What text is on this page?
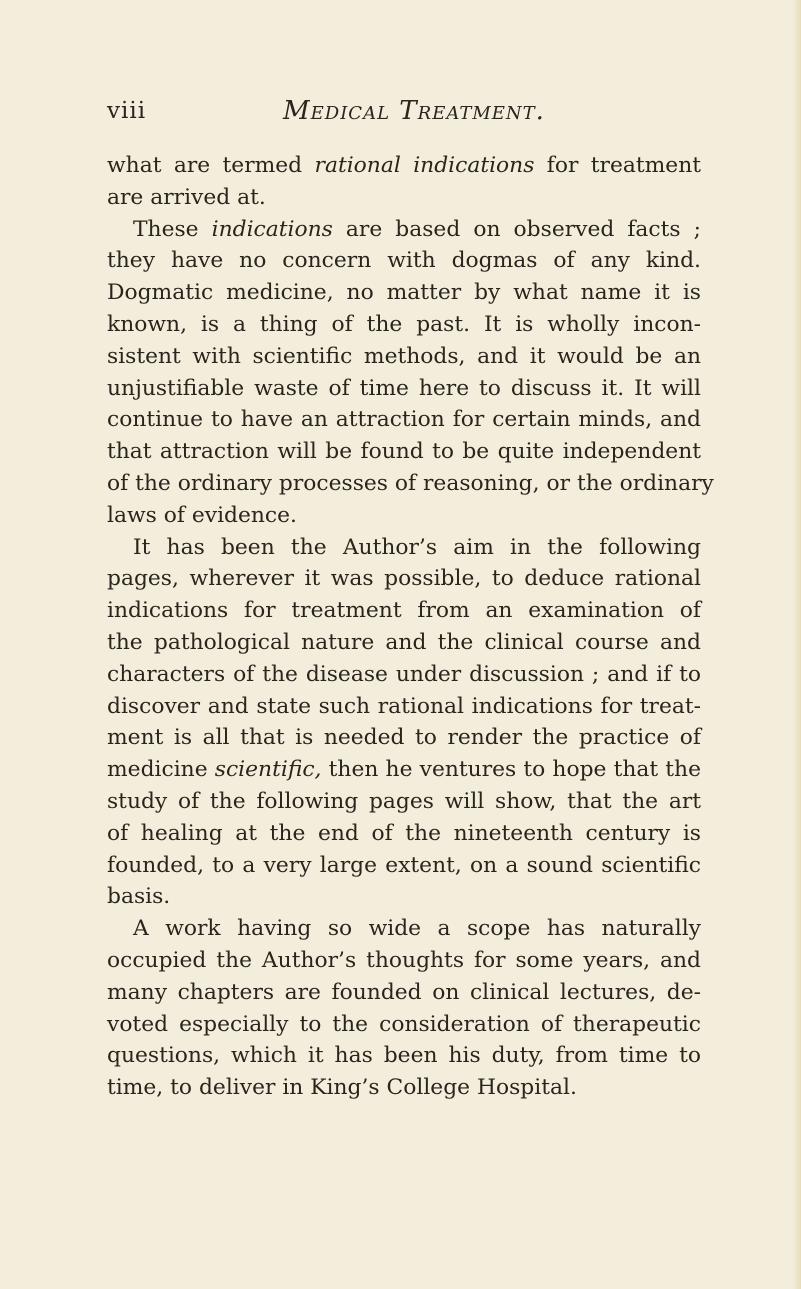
viii	Medical Treatment.
what are termed rational indications for treatment
are arrived at.
These indications are based on observed facts ;
they have no concern with dogmas of any kind.
Dogmatic medicine, no matter by what name it is
known, is a thing of the past. It is wholly incon-
sistent with scientific methods, and it would be an
unjustifiable waste of time here to discuss it. It will
continue to have an attraction for certain minds, and
that attraction will be found to be quite independent
of the ordinary processes of reasoning, or the ordinary
laws of evidence.
It has been the Author’s aim in the following
pages, wherever it was possible, to deduce rational
indications for treatment from an examination of
the pathological nature and the clinical course and
characters of the disease under discussion ; and if to
discover and state such rational indications for treat-
ment is all that is needed to render the practice of
medicine scientific, then he ventures to hope that the
study of the following pages will show, that the art
of healing at the end of the nineteenth century is
founded, to a very large extent, on a sound scientific
basis.
A work having so wide a scope has naturally
occupied the Author’s thoughts for some years, and
many chapters are founded on clinical lectures, de-
voted especially to the consideration of therapeutic
questions, which it has been his duty, from time to
time, to deliver in King’s College Hospital.
